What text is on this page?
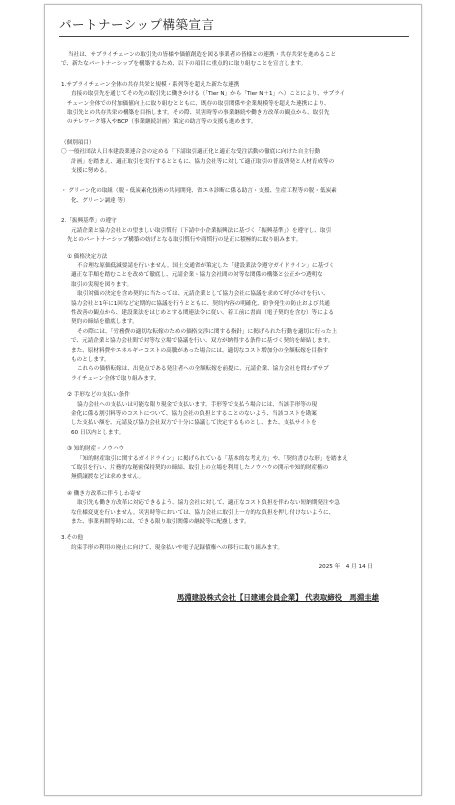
パートナーシップ構築宣言

当社は、サプライチェーンの取引先の皆様や価値創造を図る事業者の皆様との連携・共存共栄を進めること

で、新たなパートナーシップを構築するため、以下の項目に重点的に取り組むことを宣言します。

1.サプライチェーン全体の共存共栄と規模・系列等を超えた新たな連携

直接の取引先を通じてその先の取引先に働きかける（「Tier N」から「Tier N＋1」へ）ことにより、サプライ

チェーン全体での付加価値向上に取り組むとともに、既存の取引関係や企業規模等を超えた連携により、

取引先との共存共栄の構築を目指します。その際、災害時等の事業継続や働き方改革の観点から、取引先

のテレワーク導入やBCP（事業継続計画）策定の助言等の支援も進めます。

（個別項目）

〇 一般社団法人日本建設業連合会の定める「下請取引適正化と適正な受注活動の徹底に向けた自主行動

計画」を踏まえ、適正取引を実行するとともに、協力会社等に対して適正取引の普及啓発と人材育成等の

支援に努める。

・ グリーン化の取組（脱・低炭素化技術の共同開発、省エネ診断に係る助言・支援、生産工程等の脱・低炭素

化、グリーン調達 等）

2.「振興基準」の遵守

元請企業と協力会社との望ましい取引慣行（下請中小企業振興法に基づく「振興基準」）を遵守し、取引

先とのパートナーシップ構築の妨げとなる取引慣行や商慣行の是正に積極的に取り組みます。

① 価格決定方法

不合理な原価低減要請を行いません。国土交通省が策定した「建設業法令遵守ガイドライン」に基づく

適正な手順を踏むことを改めて徹底し、元請企業・協力会社間の対等な関係の構築と公正かつ透明な

取引の実現を図ります。

取引対価の決定を含め契約に当たっては、元請企業として協力会社に協議を求めて呼びかけを行い、

協力会社と1年に1回など定期的に協議を行うとともに、契約内容の明確化、紛争発生の防止および共通

性改善の観点から、建設業法をはじめとする関連法令に従い、着工前に書面（電子契約を含む）等による

契約の締結を徹底します。

その際には、「労務費の適切な転嫁のための価格交渉に関する指針」に掲げられた行動を適切に行った上

で、元請企業と協力会社間で対等な立場で協議を行い、双方が納得する条件に基づく契約を締結します。

また、原材料費やエネルギーコストの高騰があった場合には、適切なコスト増加分の全額転嫁を目指す

ものとします。

これらの価格転嫁は、出発点である発注者への全額転嫁を前提に、元請企業、協力会社を問わずサプ

ライチェーン全体で取り組みます。

② 手形などの支払い条件

協力会社への支払いは可能な限り現金で支払います。手形等で支払う場合には、当該手形等の現

金化に係る割引料等のコストについて、協力会社の負担とすることのないよう、当該コストを勘案

した支払い額を、元請及び協力会社双方で十分に協議して決定するものとし、また、支払サイトを

60 日以内とします。

③ 知的財産・ノウハウ

「知的財産取引に関するガイドライン」に掲げられている「基本的な考え方」や、「契約書ひな形」を踏まえ

て取引を行い、片務的な秘密保持契約の締結、取引上の立場を利用したノウハウの開示や知的財産権の

無償譲渡などは求めません。

④ 働き方改革に伴うしわ寄せ

取引先も働き方改革に対応できるよう、協力会社に対して、適正なコスト負担を伴わない短納期発注や急

な仕様変更を行いません。災害時等においては、協力会社に取引上一方的な負担を押し付けないように、

また、事業再開等時には、できる限り取引関係の継続等に配慮します。

3.その他

約束手形の利用の廃止に向けて、現金払いや電子記録債権への移行に取り組みます。

2025 年　4 月 14 日

馬淵建設株式会社【日建連会員企業】 代表取締役　馬淵圭雄
